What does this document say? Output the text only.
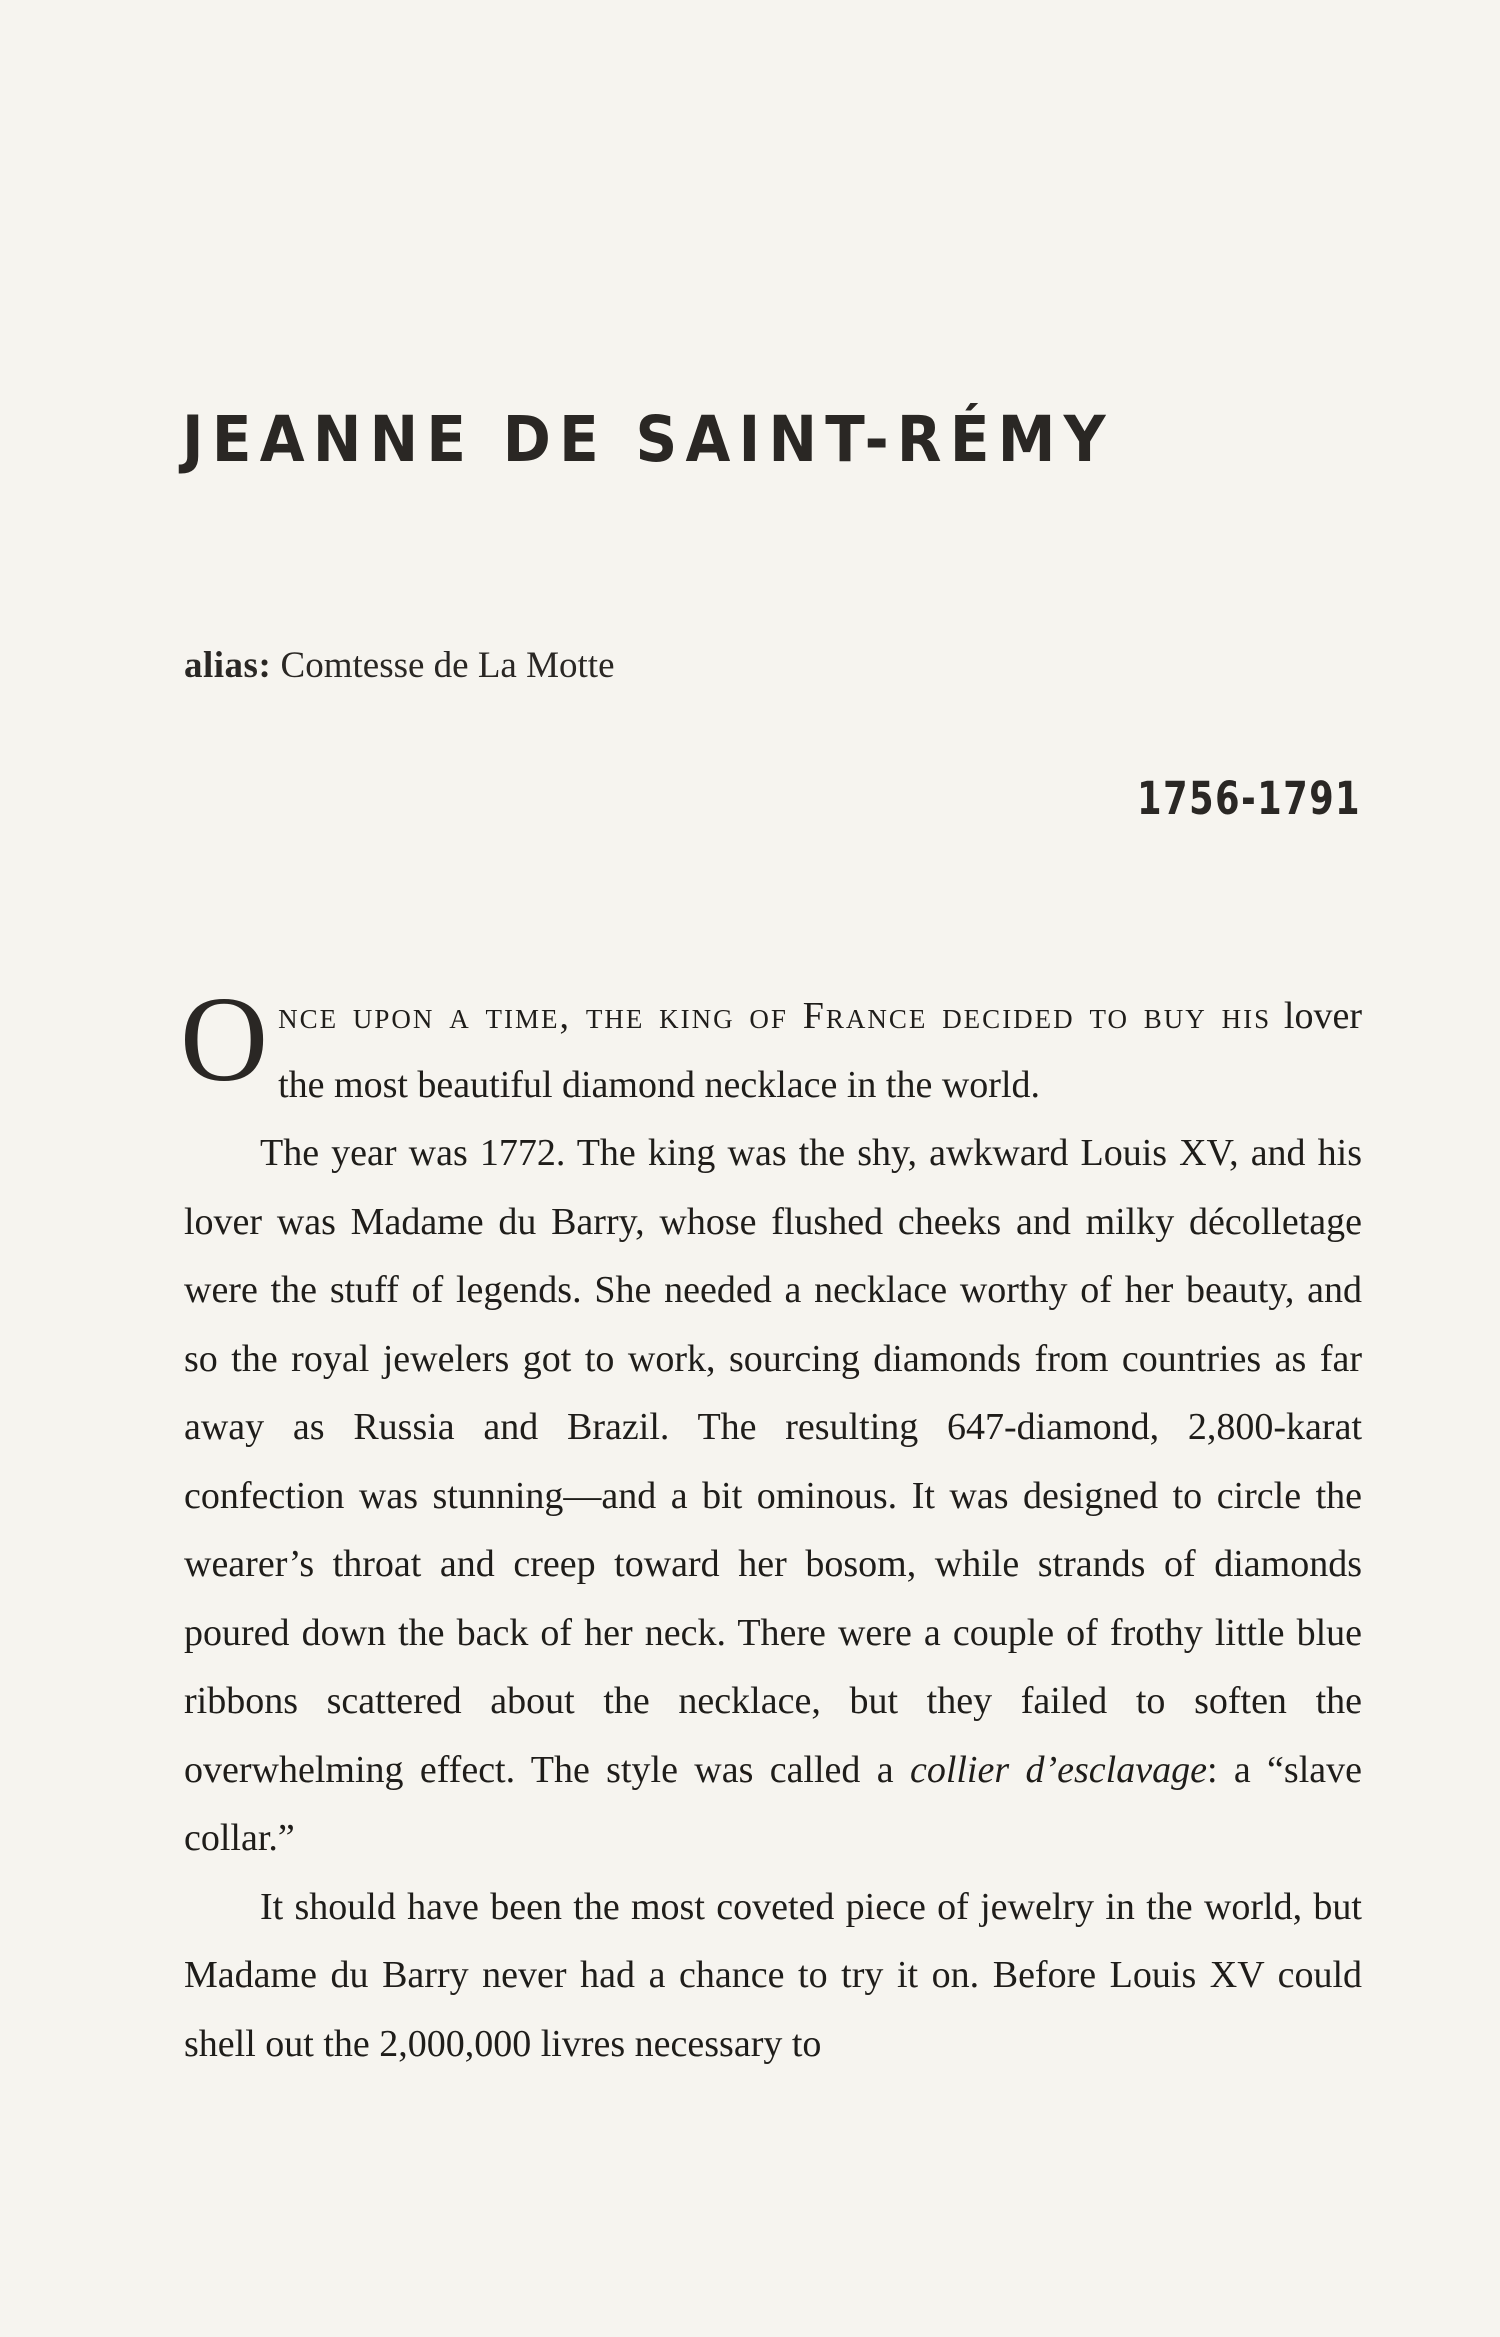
JEANNE DE SAINT-RÉMY
alias: Comtesse de La Motte
1756-1791

Once upon a time, the king of France decided to buy his lover the most beautiful diamond necklace in the world.

The year was 1772. The king was the shy, awkward Louis XV, and his lover was Madame du Barry, whose flushed cheeks and milky décolletage were the stuff of legends. She needed a necklace worthy of her beauty, and so the royal jewelers got to work, sourcing diamonds from countries as far away as Russia and Brazil. The resulting 647-diamond, 2,800-karat confection was stunning—and a bit ominous. It was designed to circle the wearer’s throat and creep toward her bosom, while strands of diamonds poured down the back of her neck. There were a couple of frothy little blue ribbons scattered about the necklace, but they failed to soften the overwhelming effect. The style was called a collier d’esclavage: a “slave collar.”

It should have been the most coveted piece of jewelry in the world, but Madame du Barry never had a chance to try it on. Before Louis XV could shell out the 2,000,000 livres necessary to
